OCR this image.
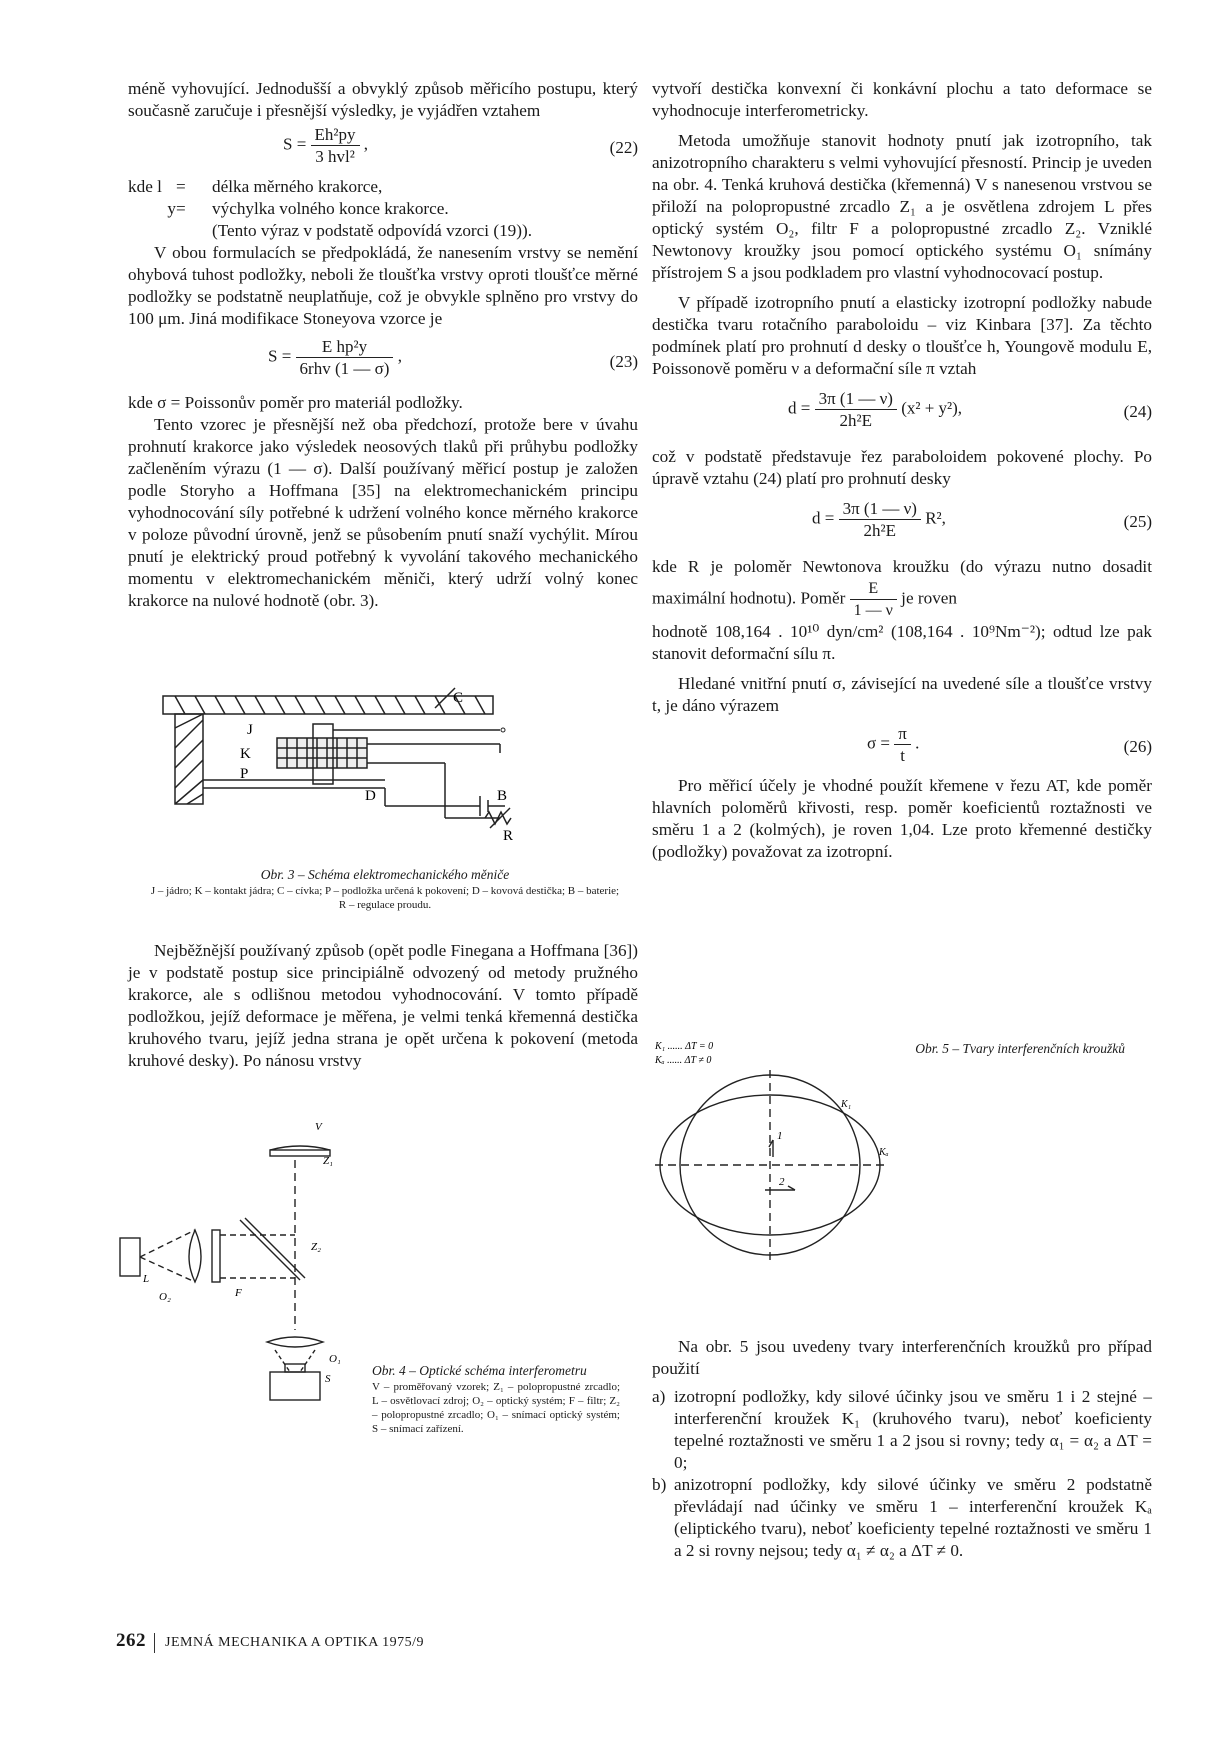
méně vyhovující. Jednodušší a obvyklý způsob měřicího postupu, který současně zaručuje i přesnější výsledky, je vyjádřen vztahem

$S = \frac{\text{Eh²py}}{\text{3 hvl²}}$ ,	(22)
kde l =	délka měrného krakorce,
y =	výchylka volného konce krakorce.
(Tento výraz v podstatě odpovídá vzorci (19)).

V obou formulacích se předpokládá, že nanesením vrstvy se nemění ohybová tuhost podložky, neboli že tloušťka vrstvy oproti tloušťce měrné podložky se podstatně neuplatňuje, což je obvykle splněno pro vrstvy do 100 μm. Jiná modifikace Stoneyova vzorce je

$S = \frac{\text{E hp²y}}{\text{6rhv (1 — σ)}}$ ,	(23)

kde σ = Poissonův poměr pro materiál podložky.

Tento vzorec je přesnější než oba předchozí, protože bere v úvahu prohnutí krakorce jako výsledek neosových tlaků při průhybu podložky začleněním výrazu (1 — σ). Další používaný měřicí postup je založen podle Storyho a Hoffmana [35] na elektromechanickém principu vyhodnocování síly potřebné k udržení volného konce měrného krakorce v poloze původní úrovně, jenž se působením pnutí snaží vychýlit. Mírou pnutí je elektrický proud potřebný k vyvolání takového mechanického momentu v elektromechanickém měniči, který udrží volný konec krakorce na nulové hodnotě (obr. 3).

C
J
K
P
D	B
R
Obr. 3 – Schéma elektromechanického měniče
J – jádro; K – kontakt jádra; C – cívka; P – podložka určená k pokovení; D – kovová destička; B – baterie; R – regulace proudu.

Nejběžnější používaný způsob (opět podle Finegana a Hoffmana [36]) je v podstatě postup sice principiálně odvozený od metody pružného krakorce, ale s odlišnou metodou vyhodnocování. V tomto případě podložkou, jejíž deformace je měřena, je velmi tenká křemenná destička kruhového tvaru, jejíž jedna strana je opět určena k pokovení (metoda kruhové desky). Po nánosu vrstvy

V
Z₁
Z₂
L
O₂	F
O₁
S
Obr. 4 – Optické schéma interferometru
V – proměřovaný vzorek; Z₁ – polopropustné zrcadlo; L – osvětlovací zdroj; O₂ – optický systém; F – filtr; Z₂ – polopropustné zrcadlo; O₁ – snímací optický systém; S – snímací zařízení.

vytvoří destička konvexní či konkávní plochu a tato deformace se vyhodnocuje interferometricky.

Metoda umožňuje stanovit hodnoty pnutí jak izotropního, tak anizotropního charakteru s velmi vyhovující přesností. Princip je uveden na obr. 4. Tenká kruhová destička (křemenná) V s nanesenou vrstvou se přiloží na polopropustné zrcadlo Z₁ a je osvětlena zdrojem L přes optický systém O₂, filtr F a polopropustné zrcadlo Z₂. Vzniklé Newtonovy kroužky jsou pomocí optického systému O₁ snímány přístrojem S a jsou podkladem pro vlastní vyhodnocovací postup.

V případě izotropního pnutí a elasticky izotropní podložky nabude destička tvaru rotačního paraboloidu – viz Kinbara [37]. Za těchto podmínek platí pro prohnutí d desky o tloušťce h, Youngově modulu E, Poissonově poměru ν a deformační síle π vztah

$d = \frac{3\pi (1 — \nu)}{\text{2h²E}} (x^2 + y^2)$,	(24)

což v podstatě představuje řez paraboloidem pokovené plochy. Po úpravě vztahu (24) platí pro prohnutí desky

$d = \frac{3\pi (1 — \nu)}{\text{2h²E}} R^2$,	(25)

kde R je poloměr Newtonova kroužku (do výrazu nutno dosadit maximální hodnotu). Poměr $\frac{E}{1 — \nu}$ je roven

hodnotě 108,164 . 10¹⁰ dyn/cm² (108,164 . 10⁹Nm⁻²); odtud lze pak stanovit deformační sílu π.

Hledané vnitřní pnutí σ, závisející na uvedené síle a tloušťce vrstvy t, je dáno výrazem

$\sigma = \frac{\pi}{t}$ .	(26)

Pro měřicí účely je vhodné použít křemene v řezu AT, kde poměr hlavních poloměrů křivosti, resp. poměr koeficientů roztažnosti ve směru 1 a 2 (kolmých), je roven 1,04. Lze proto křemenné destičky (podložky) považovat za izotropní.

K₁ ...... ΔT = 0
Kₐ ...... ΔT ≠ 0
K₁
Kₐ
1
2
Obr. 5 – Tvary interferenčních kroužků

Na obr. 5 jsou uvedeny tvary interferenčních kroužků pro případ použití

a) izotropní podložky, kdy silové účinky jsou ve směru 1 i 2 stejné – interferenční kroužek K₁ (kruhového tvaru), neboť koeficienty tepelné roztažnosti ve směru 1 a 2 jsou si rovny; tedy α₁ = α₂ a ΔT = 0;
b) anizotropní podložky, kdy silové účinky ve směru 2 podstatně převládají nad účinky ve směru 1 – interferenční kroužek Kₐ (eliptického tvaru), neboť koeficienty tepelné roztažnosti ve směru 1 a 2 si rovny nejsou; tedy α₁ ≠ α₂ a ΔT ≠ 0.
262 JEMNÁ MECHANIKA A OPTIKA 1975/9
